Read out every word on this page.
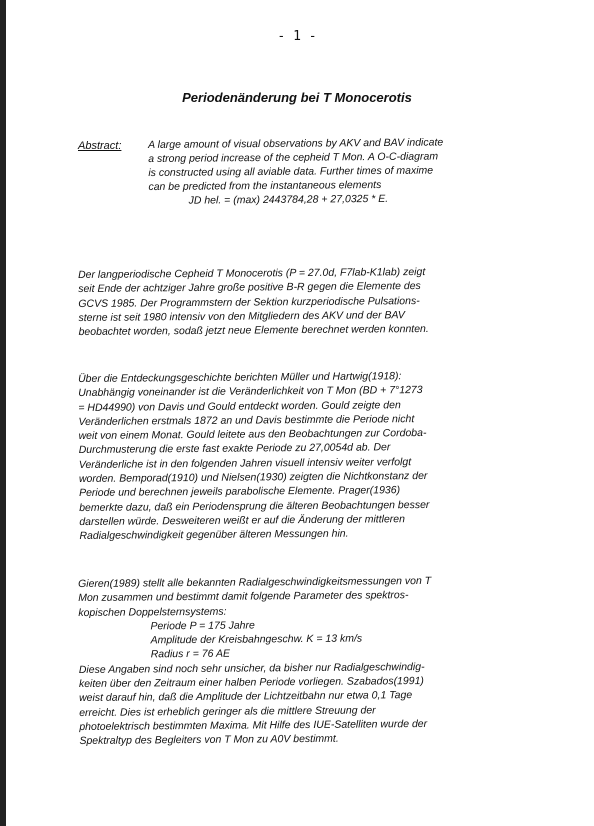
- 1 -
Periodenänderung bei T Monocerotis
Abstract:	A large amount of visual observations by AKV and BAV indicate
a strong period increase of the cepheid T Mon. A O-C-diagram
is constructed using all aviable data. Further times of maxime
can be predicted from the instantaneous elements
JD hel. = (max) 2443784,28 + 27,0325 * E.
Der langperiodische Cepheid T Monocerotis (P = 27.0d, F7lab-K1lab) zeigt
seit Ende der achtziger Jahre große positive B-R gegen die Elemente des
GCVS 1985. Der Programmstern der Sektion kurzperiodische Pulsations-
sterne ist seit 1980 intensiv von den Mitgliedern des AKV und der BAV
beobachtet worden, sodaß jetzt neue Elemente berechnet werden konnten.
Über die Entdeckungsgeschichte berichten Müller und Hartwig(1918):
Unabhängig voneinander ist die Veränderlichkeit von T Mon (BD + 7°1273
= HD44990) von Davis und Gould entdeckt worden. Gould zeigte den
Veränderlichen erstmals 1872 an und Davis bestimmte die Periode nicht
weit von einem Monat. Gould leitete aus den Beobachtungen zur Cordoba-
Durchmusterung die erste fast exakte Periode zu 27,0054d ab. Der
Veränderliche ist in den folgenden Jahren visuell intensiv weiter verfolgt
worden. Bemporad(1910) und Nielsen(1930) zeigten die Nichtkonstanz der
Periode und berechnen jeweils parabolische Elemente. Prager(1936)
bemerkte dazu, daß ein Periodensprung die älteren Beobachtungen besser
darstellen würde. Desweiteren weißt er auf die Änderung der mittleren
Radialgeschwindigkeit gegenüber älteren Messungen hin.
Gieren(1989) stellt alle bekannten Radialgeschwindigkeitsmessungen von T
Mon zusammen und bestimmt damit folgende Parameter des spektros-
kopischen Doppelsternsystems:
Periode P = 175 Jahre
Amplitude der Kreisbahngeschw. K = 13 km/s
Radius r = 76 AE
Diese Angaben sind noch sehr unsicher, da bisher nur Radialgeschwindig-
keiten über den Zeitraum einer halben Periode vorliegen. Szabados(1991)
weist darauf hin, daß die Amplitude der Lichtzeitbahn nur etwa 0,1 Tage
erreicht. Dies ist erheblich geringer als die mittlere Streuung der
photoelektrisch bestimmten Maxima. Mit Hilfe des IUE-Satelliten wurde der
Spektraltyp des Begleiters von T Mon zu A0V bestimmt.
